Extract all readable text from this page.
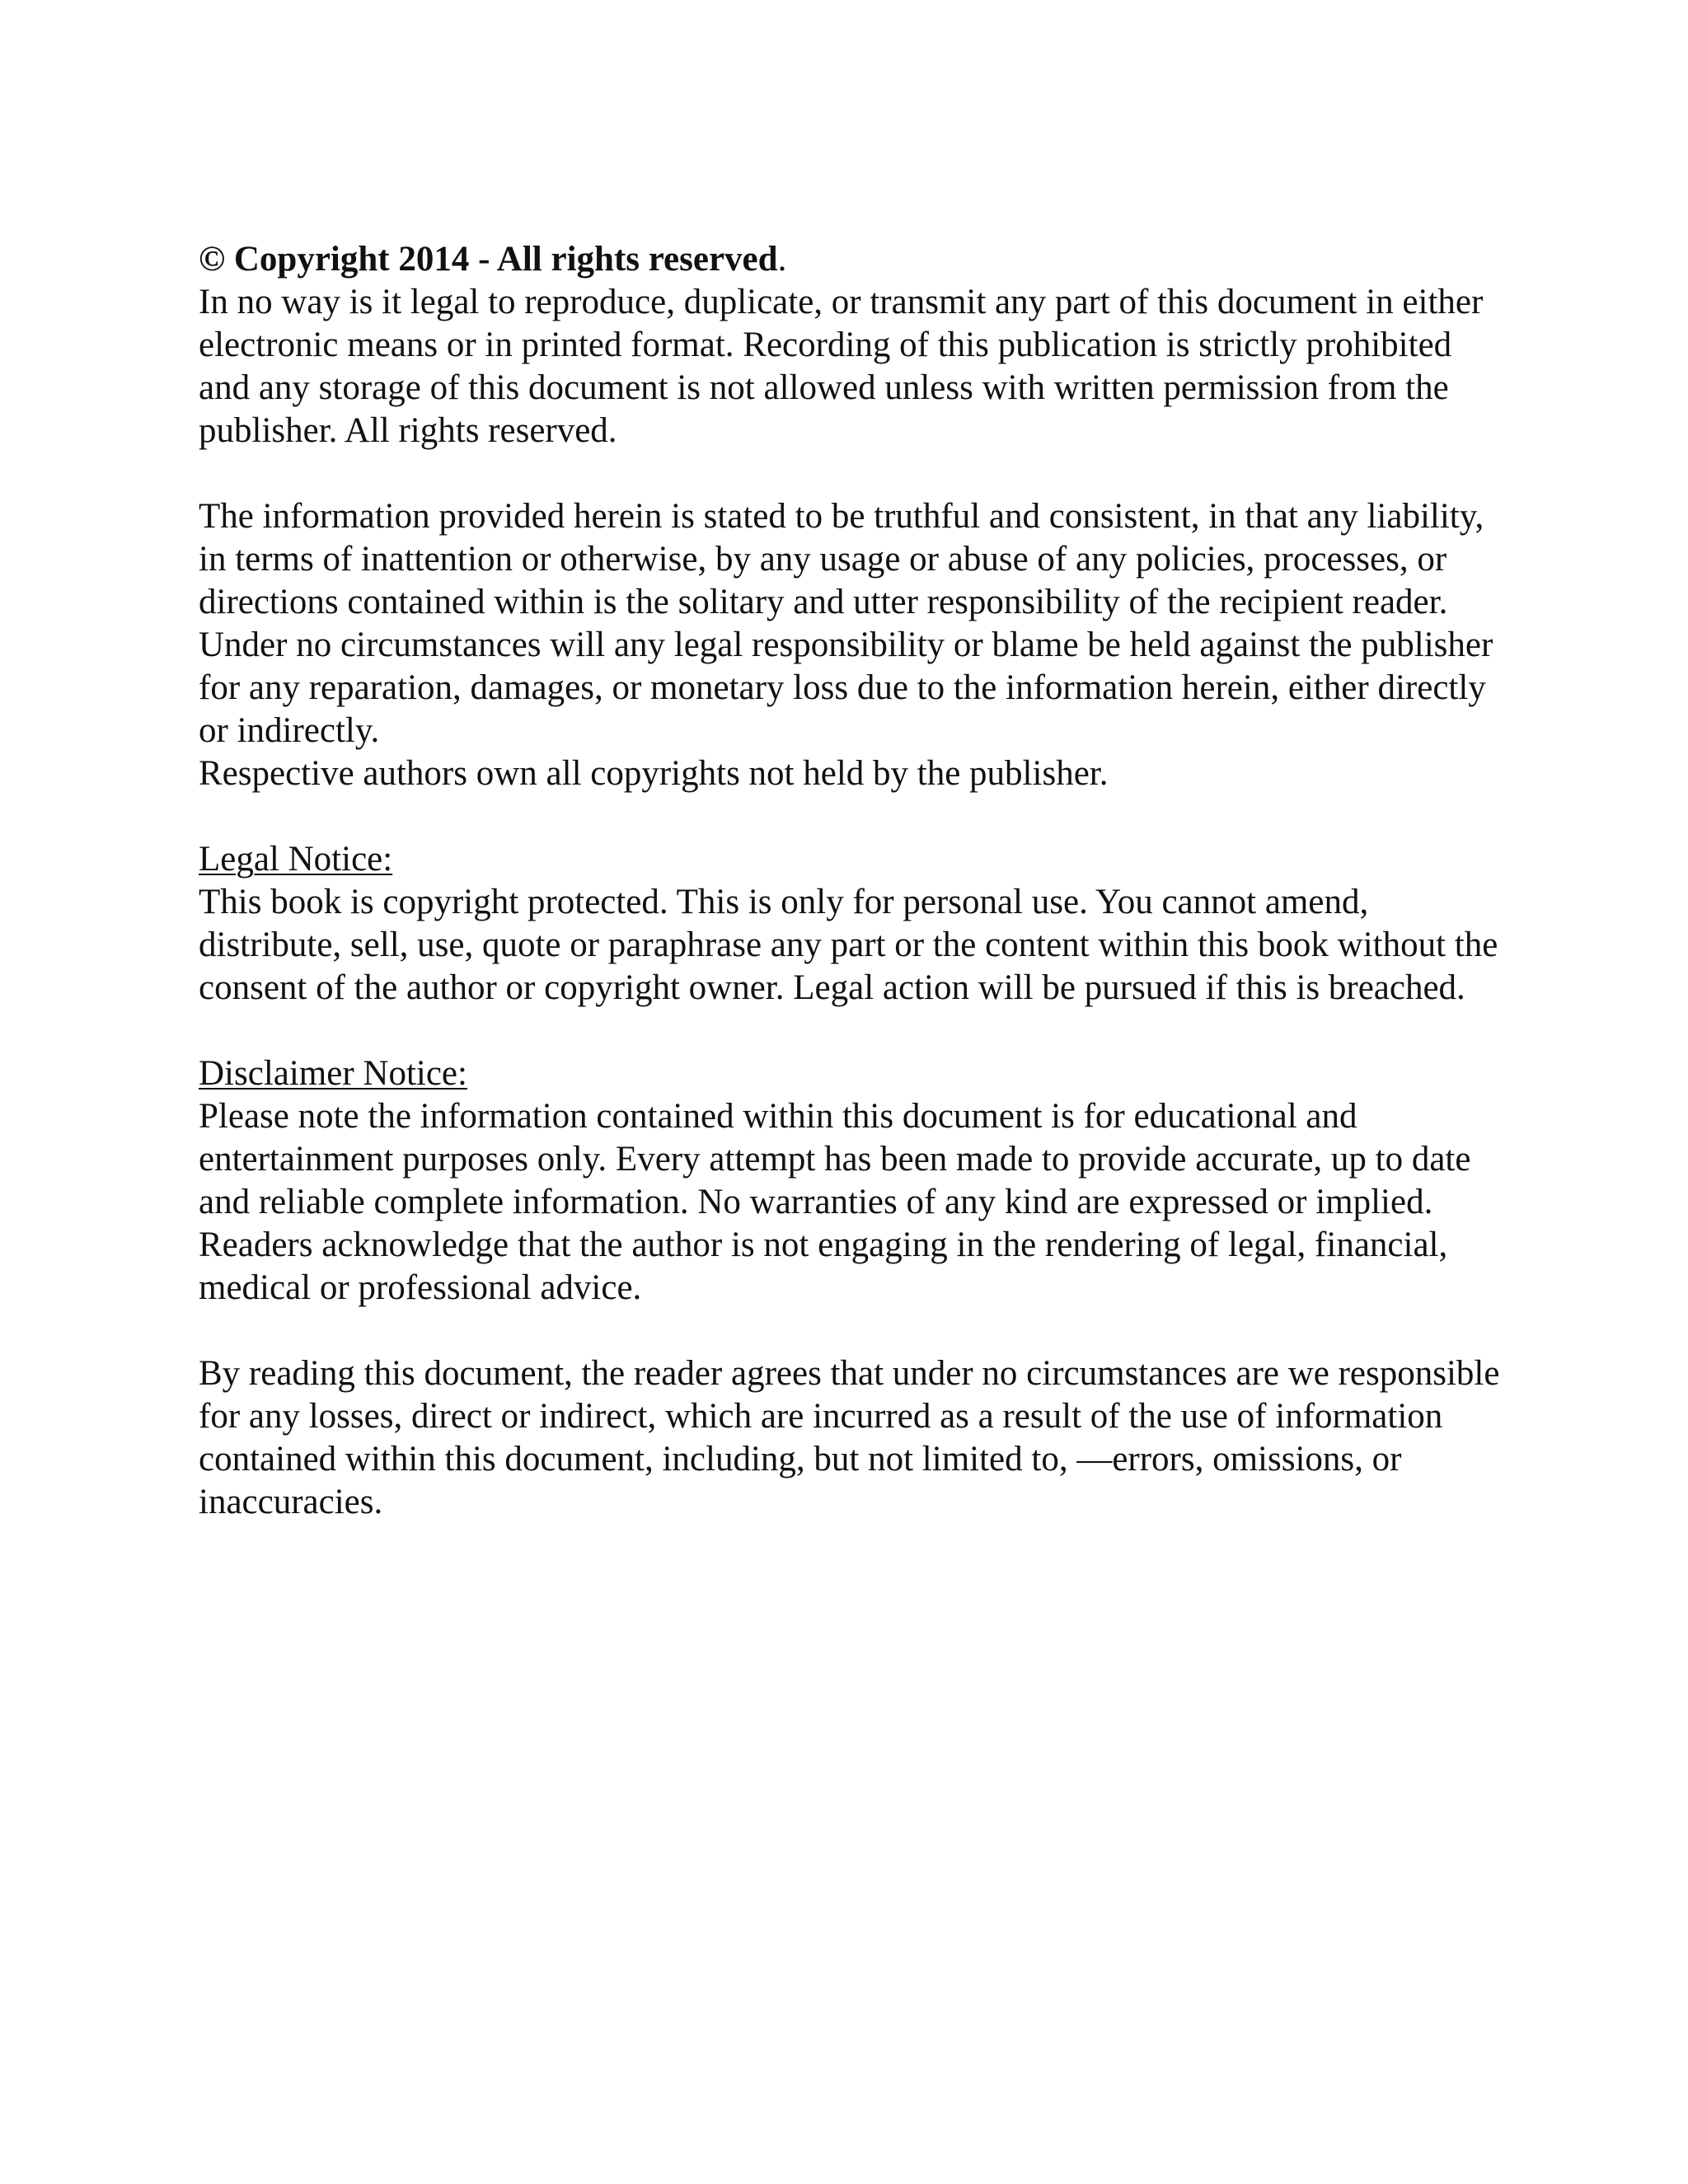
© Copyright 2014 - All rights reserved.

In no way is it legal to reproduce, duplicate, or transmit any part of this document in either electronic means or in printed format. Recording of this publication is strictly prohibited and any storage of this document is not allowed unless with written permission from the publisher. All rights reserved.

The information provided herein is stated to be truthful and consistent, in that any liability, in terms of inattention or otherwise, by any usage or abuse of any policies, processes, or directions contained within is the solitary and utter responsibility of the recipient reader. Under no circumstances will any legal responsibility or blame be held against the publisher for any reparation, damages, or monetary loss due to the information herein, either directly or indirectly.

Respective authors own all copyrights not held by the publisher.

Legal Notice:

This book is copyright protected. This is only for personal use. You cannot amend, distribute, sell, use, quote or paraphrase any part or the content within this book without the consent of the author or copyright owner. Legal action will be pursued if this is breached.

Disclaimer Notice:

Please note the information contained within this document is for educational and entertainment purposes only. Every attempt has been made to provide accurate, up to date and reliable complete information. No warranties of any kind are expressed or implied. Readers acknowledge that the author is not engaging in the rendering of legal, financial, medical or professional advice.

By reading this document, the reader agrees that under no circumstances are we responsible for any losses, direct or indirect, which are incurred as a result of the use of information contained within this document, including, but not limited to, —errors, omissions, or inaccuracies.
